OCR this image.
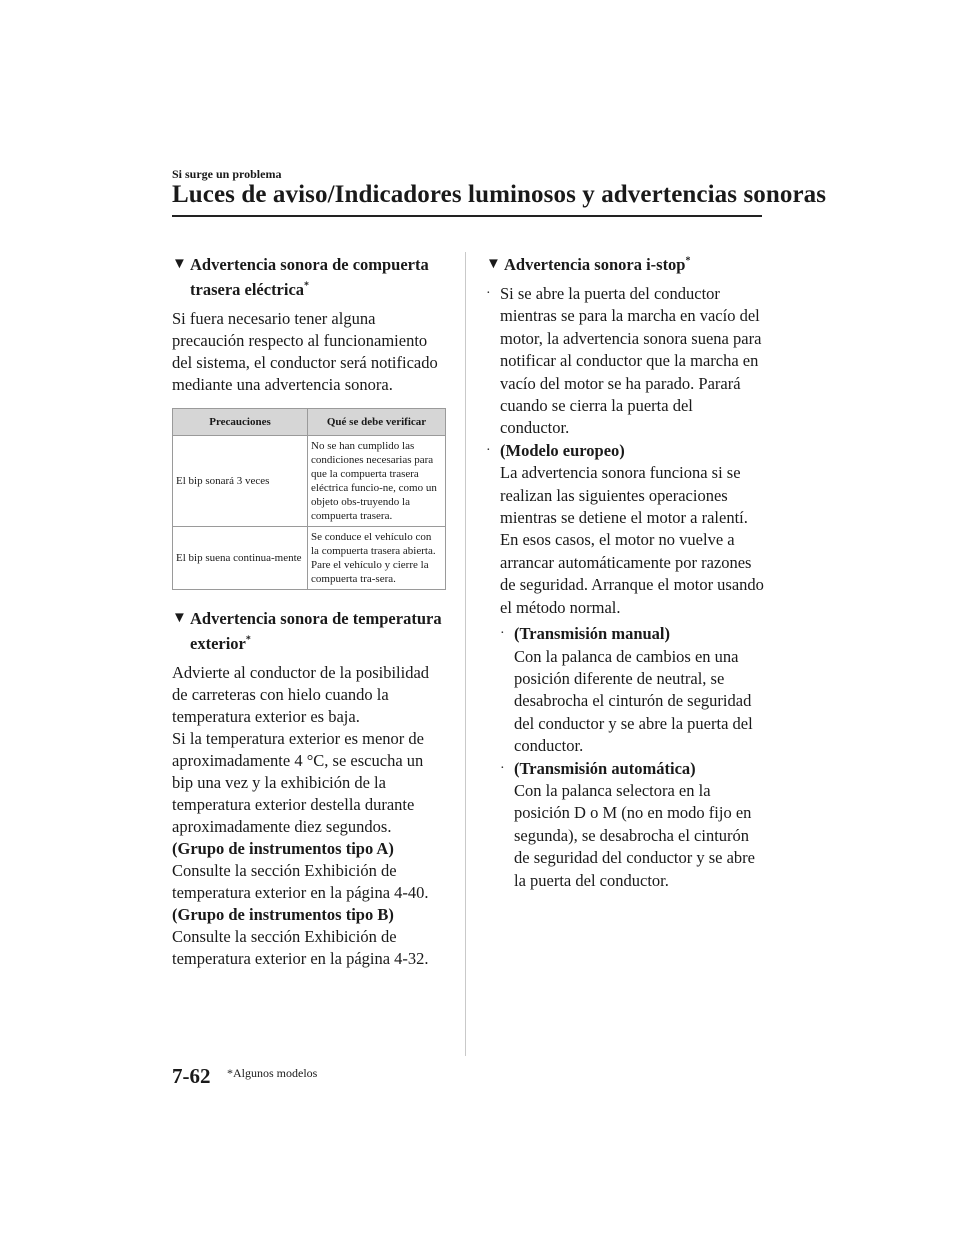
Si surge un problema
Luces de aviso/Indicadores luminosos y advertencias sonoras
▼ Advertencia sonora de compuerta trasera eléctrica*

Si fuera necesario tener alguna precaución respecto al funcionamiento del sistema, el conductor será notificado mediante una advertencia sonora.

Precauciones	Qué se debe verificar
El bip sonará 3 veces	No se han cumplido las condiciones necesarias para que la compuerta trasera eléctrica funcio-ne, como un objeto obs-truyendo la compuerta trasera.
El bip suena continua-mente	Se conduce el vehículo con la compuerta trasera abierta. Pare el vehículo y cierre la compuerta tra-sera.
▼ Advertencia sonora de temperatura exterior*

Advierte al conductor de la posibilidad de carreteras con hielo cuando la temperatura exterior es baja.

Si la temperatura exterior es menor de aproximadamente 4 °C, se escucha un bip una vez y la exhibición de la temperatura exterior destella durante aproximadamente diez segundos.

(Grupo de instrumentos tipo A)

Consulte la sección Exhibición de temperatura exterior en la página 4-40.

(Grupo de instrumentos tipo B)

Consulte la sección Exhibición de temperatura exterior en la página 4-32.

▼ Advertencia sonora i-stop*
· Si se abre la puerta del conductor mientras se para la marcha en vacío del motor, la advertencia sonora suena para notificar al conductor que la marcha en vacío del motor se ha parado. Parará cuando se cierra la puerta del conductor.
· (Modelo europeo)
La advertencia sonora funciona si se realizan las siguientes operaciones mientras se detiene el motor a ralentí. En esos casos, el motor no vuelve a arrancar automáticamente por razones de seguridad. Arranque el motor usando el método normal.
· (Transmisión manual)
Con la palanca de cambios en una posición diferente de neutral, se desabrocha el cinturón de seguridad del conductor y se abre la puerta del conductor.
· (Transmisión automática)
Con la palanca selectora en la posición D o M (no en modo fijo en segunda), se desabrocha el cinturón de seguridad del conductor y se abre la puerta del conductor.
7-62 *Algunos modelos
